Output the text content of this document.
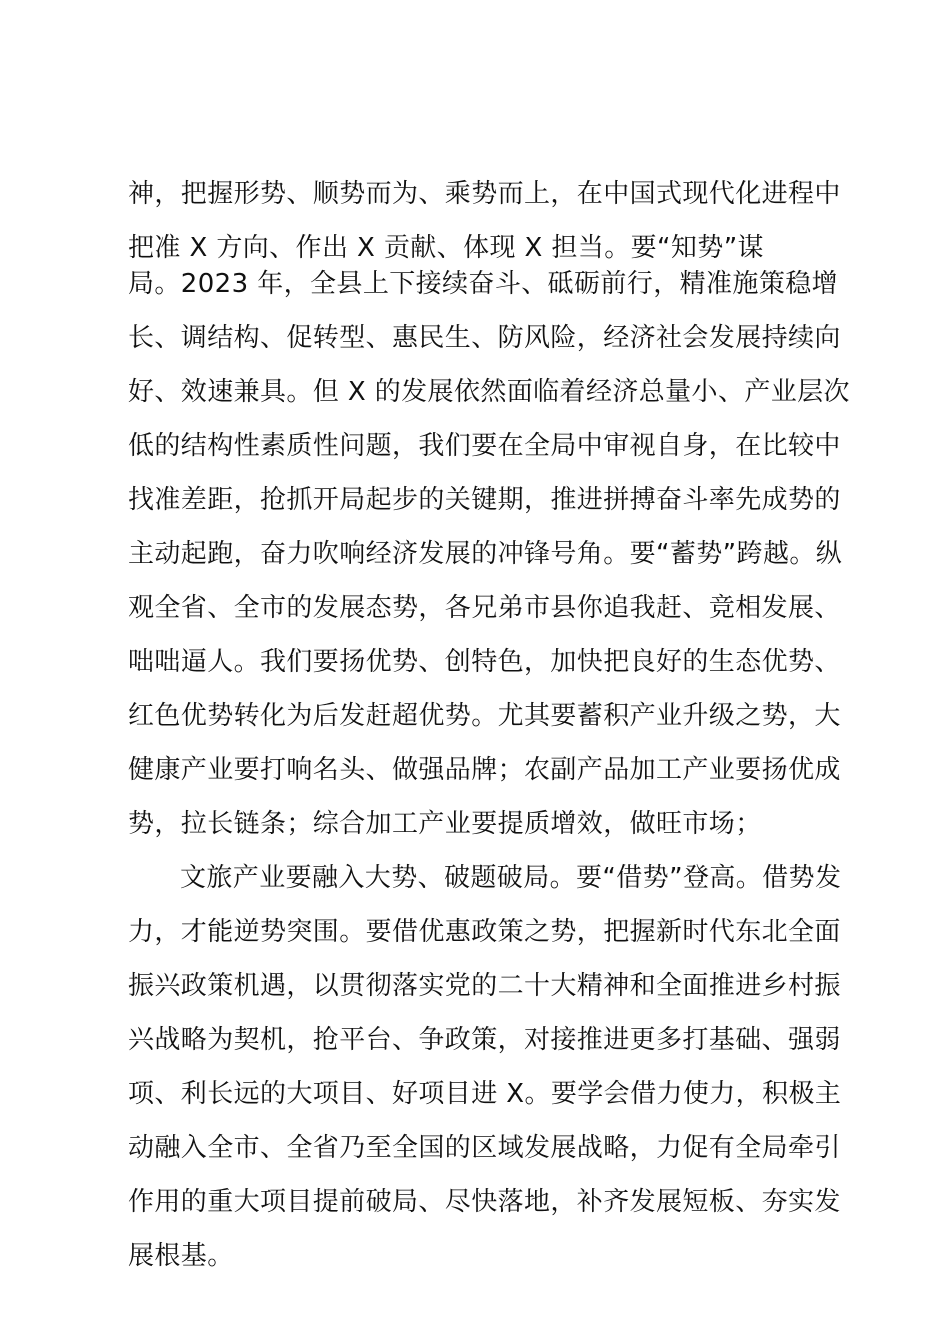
神，把握形势、顺势而为、乘势而上，在中国式现代化进程中
把准 X 方向、作出 X 贡献、体现 X 担当。要“知势”谋
局。2023 年，全县上下接续奋斗、砥砺前行，精准施策稳增
长、调结构、促转型、惠民生、防风险，经济社会发展持续向
好、效速兼具。但 X 的发展依然面临着经济总量小、产业层次
低的结构性素质性问题，我们要在全局中审视自身，在比较中
找准差距，抢抓开局起步的关键期，推进拼搏奋斗率先成势的
主动起跑，奋力吹响经济发展的冲锋号角。要“蓄势”跨越。纵
观全省、全市的发展态势，各兄弟市县你追我赶、竞相发展、
咄咄逼人。我们要扬优势、创特色，加快把良好的生态优势、
红色优势转化为后发赶超优势。尤其要蓄积产业升级之势，大
健康产业要打响名头、做强品牌；农副产品加工产业要扬优成
势，拉长链条；综合加工产业要提质增效，做旺市场；
文旅产业要融入大势、破题破局。要“借势”登高。借势发
力，才能逆势突围。要借优惠政策之势，把握新时代东北全面
振兴政策机遇，以贯彻落实党的二十大精神和全面推进乡村振
兴战略为契机，抢平台、争政策，对接推进更多打基础、强弱
项、利长远的大项目、好项目进 X。要学会借力使力，积极主
动融入全市、全省乃至全国的区域发展战略，力促有全局牵引
作用的重大项目提前破局、尽快落地，补齐发展短板、夯实发
展根基。
